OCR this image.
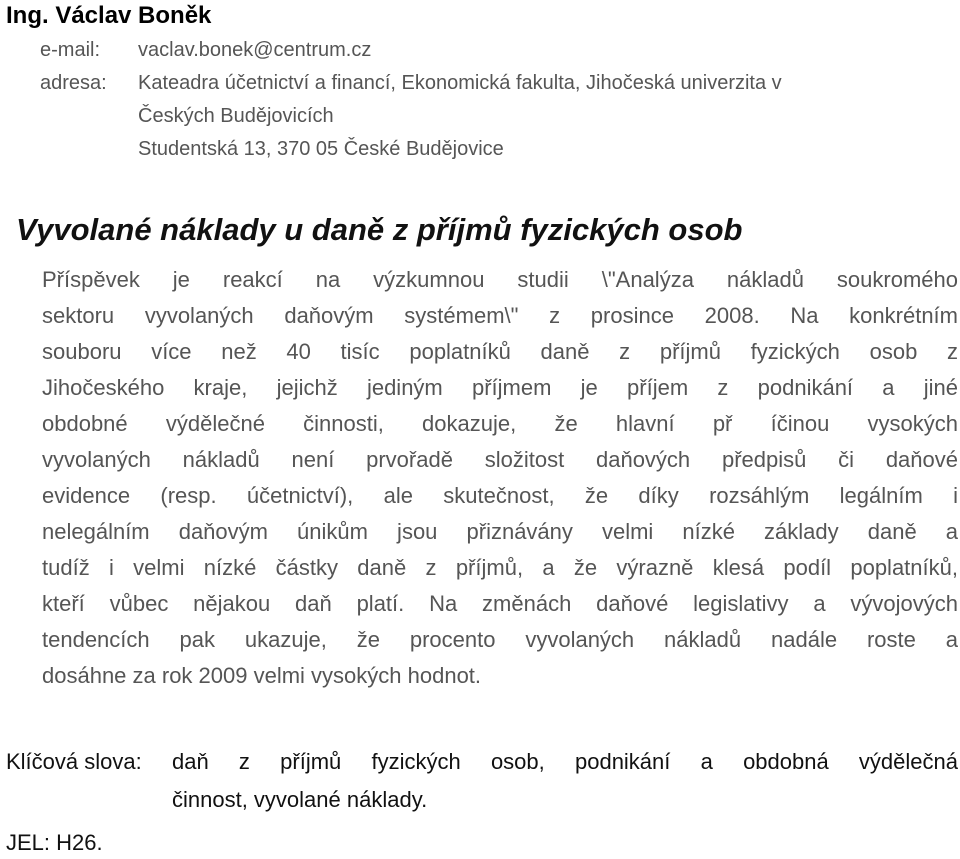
Ing. Václav Boněk
e-mail:	vaclav.bonek@centrum.cz
adresa:	Kateadra účetnictví a financí, Ekonomická fakulta, Jihočeská univerzita v
Českých Budějovicích
Studentská 13, 370 05 České Budějovice
Vyvolané náklady u daně z příjmů fyzických osob
Příspěvek je reakcí na výzkumnou studii \"Analýza nákladů soukromého
sektoru vyvolaných daňovým systémem\" z prosince 2008. Na konkrétním
souboru více než 40 tisíc poplatníků daně z příjmů fyzických osob z
Jihočeského kraje, jejichž jediným příjmem je příjem z podnikání a jiné
obdobné výdělečné činnosti, dokazuje, že hlavní př íčinou vysokých
vyvolaných nákladů není prvořadě složitost daňových předpisů či daňové
evidence (resp. účetnictví), ale skutečnost, že díky rozsáhlým legálním i
nelegálním daňovým únikům jsou přiznávány velmi nízké základy daně a
tudíž i velmi nízké částky daně z příjmů, a že výrazně klesá podíl poplatníků,
kteří vůbec nějakou daň platí. Na změnách daňové legislativy a vývojových
tendencích pak ukazuje, že procento vyvolaných nákladů nadále roste a
dosáhne za rok 2009 velmi vysokých hodnot.
Klíčová slova:	daň z příjmů fyzických osob, podnikání a obdobná výdělečná
činnost, vyvolané náklady.
JEL: H26.
